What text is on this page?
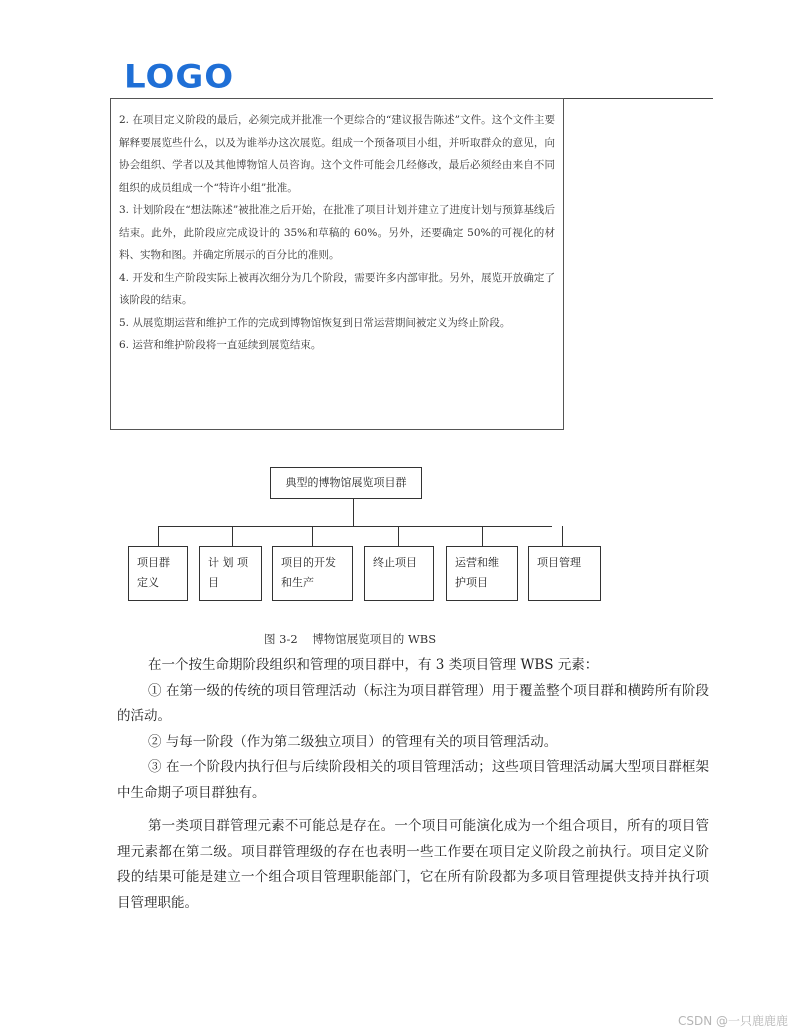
LOGO

2. 在项目定义阶段的最后，必须完成并批准一个更综合的“建议报告陈述”文件。这个文件主要解释要展览些什么，以及为谁举办这次展览。组成一个预备项目小组，并听取群众的意见，向协会组织、学者以及其他博物馆人员咨询。这个文件可能会几经修改，最后必须经由来自不同组织的成员组成一个“特许小组”批准。

3. 计划阶段在“想法陈述”被批准之后开始，在批准了项目计划并建立了进度计划与预算基线后结束。此外，此阶段应完成设计的 35%和草稿的 60%。另外，还要确定 50%的可视化的材料、实物和图。并确定所展示的百分比的准则。

4. 开发和生产阶段实际上被再次细分为几个阶段，需要许多内部审批。另外，展览开放确定了该阶段的结束。

5. 从展览期运营和维护工作的完成到博物馆恢复到日常运营期间被定义为终止阶段。

6. 运营和维护阶段将一直延续到展览结束。

典型的博物馆展览项目群
项目群定义
计 划 项 目
项目的开发和生产
终止项目	运营和维护项目
项目管理
图 3-2    博物馆展览项目的 WBS

在一个按生命期阶段组织和管理的项目群中，有 3 类项目管理 WBS 元素：

① 在第一级的传统的项目管理活动（标注为项目群管理）用于覆盖整个项目群和横跨所有阶段的活动。

② 与每一阶段（作为第二级独立项目）的管理有关的项目管理活动。

③ 在一个阶段内执行但与后续阶段相关的项目管理活动；这些项目管理活动属大型项目群框架中生命期子项目群独有。

第一类项目群管理元素不可能总是存在。一个项目可能演化成为一个组合项目，所有的项目管理元素都在第二级。项目群管理级的存在也表明一些工作要在项目定义阶段之前执行。项目定义阶段的结果可能是建立一个组合项目管理职能部门，它在所有阶段都为多项目管理提供支持并执行项目管理职能。

CSDN @一只鹿鹿鹿
